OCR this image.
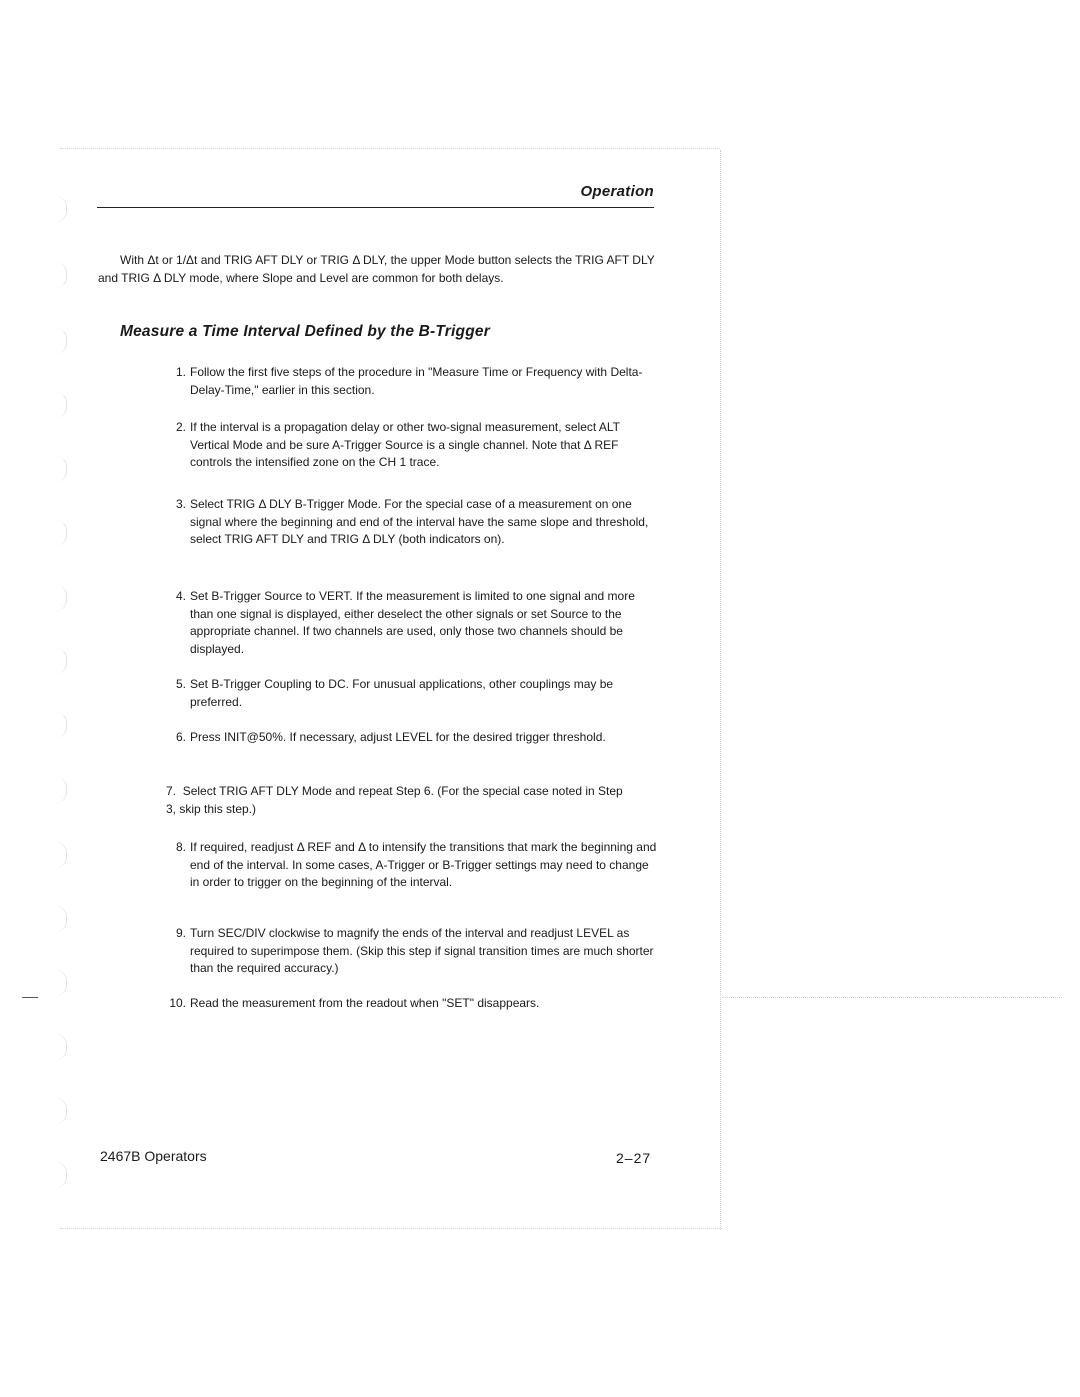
Operation

With Δt or 1/Δt and TRIG AFT DLY or TRIG Δ DLY, the upper Mode button selects the TRIG AFT DLY and TRIG Δ DLY mode, where Slope and Level are common for both delays.

Measure a Time Interval Defined by the B-Trigger
1. Follow the first five steps of the procedure in "Measure Time or Frequency with Delta-Delay-Time," earlier in this section.
2. If the interval is a propagation delay or other two-signal measurement, select ALT Vertical Mode and be sure A-Trigger Source is a single channel. Note that Δ REF controls the intensified zone on the CH 1 trace.
3. Select TRIG Δ DLY B-Trigger Mode. For the special case of a measurement on one signal where the beginning and end of the interval have the same slope and threshold, select TRIG AFT DLY and TRIG Δ DLY (both indicators on).
4. Set B-Trigger Source to VERT. If the measurement is limited to one signal and more than one signal is displayed, either deselect the other signals or set Source to the appropriate channel. If two channels are used, only those two channels should be displayed.
5. Set B-Trigger Coupling to DC. For unusual applications, other couplings may be preferred.
6. Press INIT@50%. If necessary, adjust LEVEL for the desired trigger threshold.
7. Select TRIG AFT DLY Mode and repeat Step 6. (For the special case noted in Step 3, skip this step.)
8. If required, readjust Δ REF and Δ to intensify the transitions that mark the beginning and end of the interval. In some cases, A-Trigger or B-Trigger settings may need to change in order to trigger on the beginning of the interval.
9. Turn SEC/DIV clockwise to magnify the ends of the interval and readjust LEVEL as required to superimpose them. (Skip this step if signal transition times are much shorter than the required accuracy.)
10. Read the measurement from the readout when "SET" disappears.
2467B Operators	2–27
